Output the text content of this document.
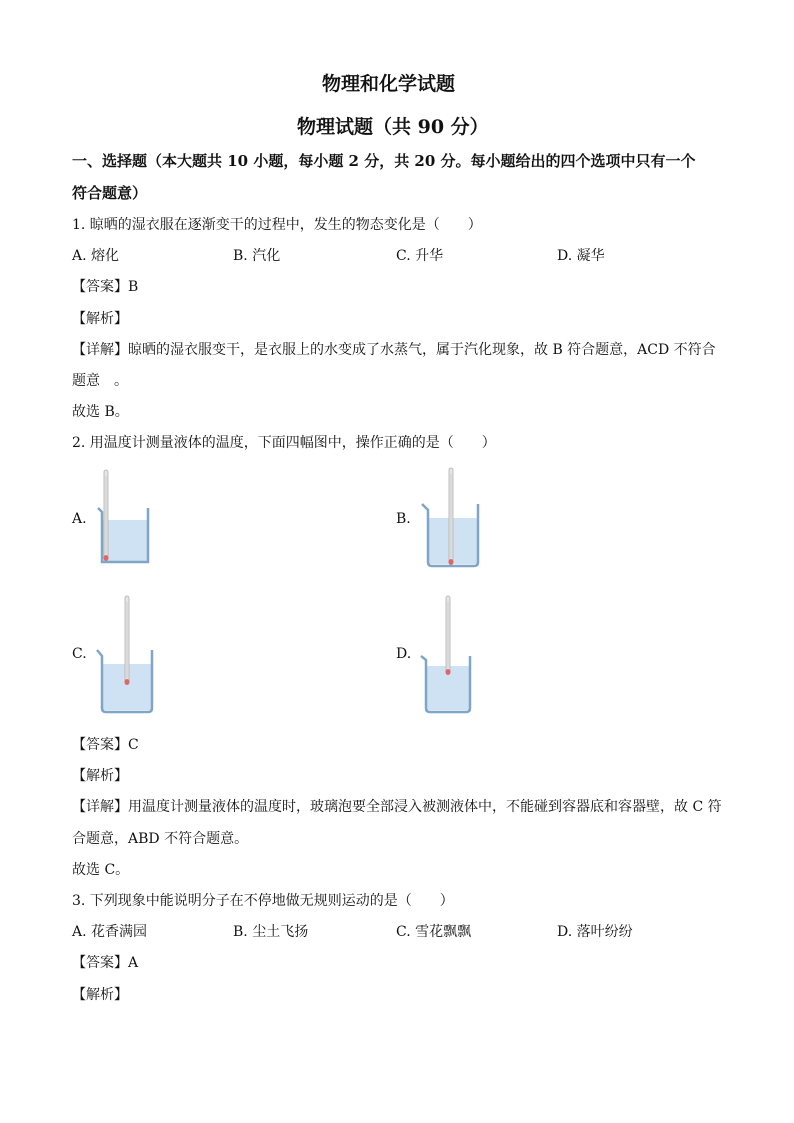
物理和化学试题
物理试题（共 90 分）
一、选择题（本大题共 10 小题，每小题 2 分，共 20 分。每小题给出的四个选项中只有一个
符合题意）
1. 晾晒的湿衣服在逐渐变干的过程中，发生的物态变化是（　　）
A. 熔化	B. 汽化	C. 升华	D. 凝华
【答案】B
【解析】
【详解】晾晒的湿衣服变干，是衣服上的水变成了水蒸气，属于汽化现象，故 B 符合题意，ACD 不符合
题意　。
故选 B。
2. 用温度计测量液体的温度，下面四幅图中，操作正确的是（　　）
A.	B.
C.	D.
【答案】C
【解析】
【详解】用温度计测量液体的温度时，玻璃泡要全部浸入被测液体中，不能碰到容器底和容器壁，故 C 符
合题意，ABD 不符合题意。
故选 C。
3. 下列现象中能说明分子在不停地做无规则运动的是（　　）
A. 花香满园	B. 尘土飞扬	C. 雪花飘飘	D. 落叶纷纷
【答案】A
【解析】
